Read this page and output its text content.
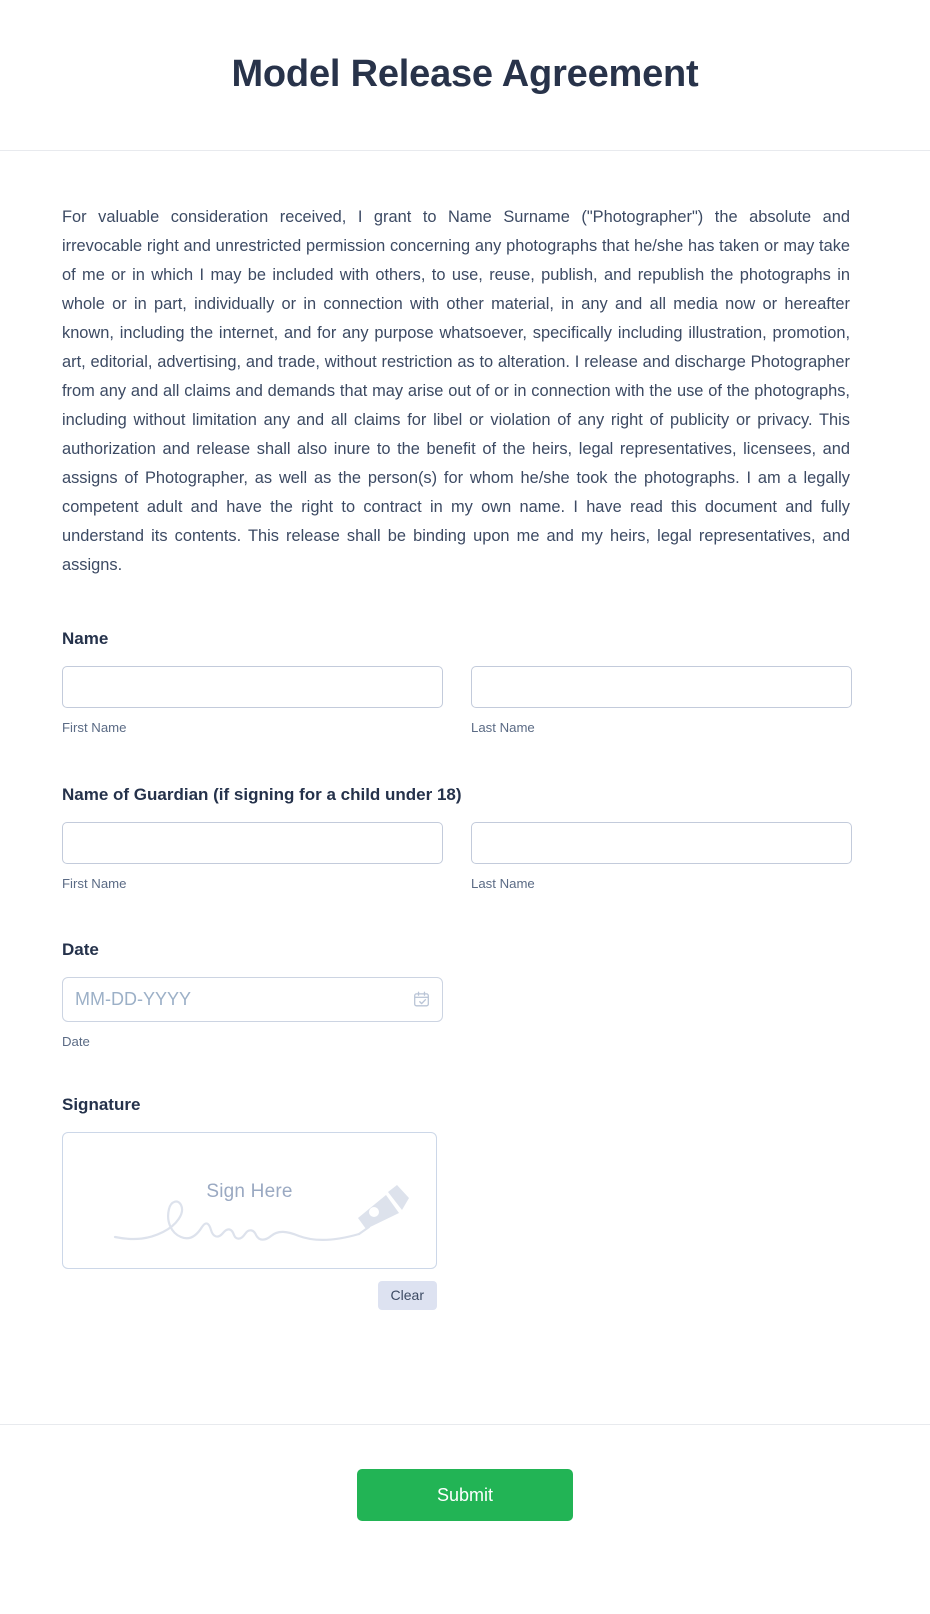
Model Release Agreement

For valuable consideration received, I grant to Name Surname ("Photographer") the absolute and irrevocable right and unrestricted permission concerning any photographs that he/she has taken or may take of me or in which I may be included with others, to use, reuse, publish, and republish the photographs in whole or in part, individually or in connection with other material, in any and all media now or hereafter known, including the internet, and for any purpose whatsoever, specifically including illustration, promotion, art, editorial, advertising, and trade, without restriction as to alteration. I release and discharge Photographer from any and all claims and demands that may arise out of or in connection with the use of the photographs, including without limitation any and all claims for libel or violation of any right of publicity or privacy. This authorization and release shall also inure to the benefit of the heirs, legal representatives, licensees, and assigns of Photographer, as well as the person(s) for whom he/she took the photographs. I am a legally competent adult and have the right to contract in my own name. I have read this document and fully understand its contents. This release shall be binding upon me and my heirs, legal representatives, and assigns.

Name
First Name	Last Name
Name of Guardian (if signing for a child under 18)
First Name	Last Name
Date
MM-DD-YYYY
Date
Signature
Sign Here
Clear
Submit
